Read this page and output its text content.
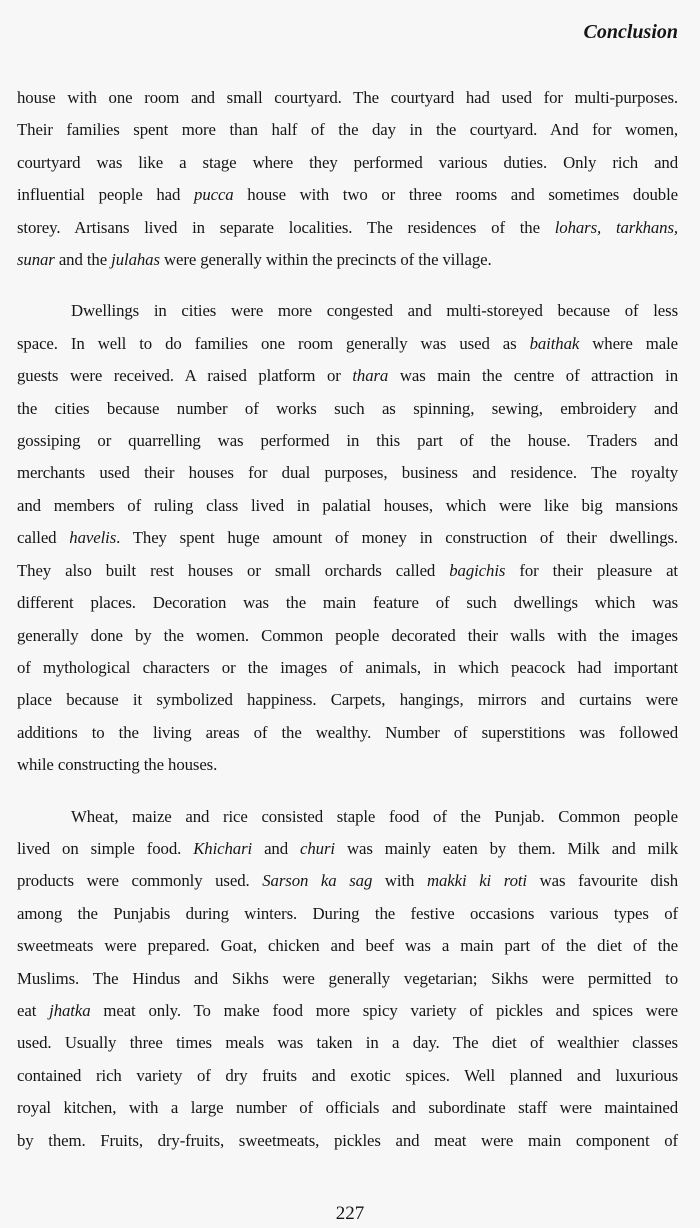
Conclusion
house with one room and small courtyard. The courtyard had used for multi-purposes.
Their families spent more than half of the day in the courtyard. And for women,
courtyard was like a stage where they performed various duties. Only rich and
influential people had pucca house with two or three rooms and sometimes double
storey. Artisans lived in separate localities. The residences of the lohars, tarkhans,
sunar and the julahas were generally within the precincts of the village.
Dwellings in cities were more congested and multi-storeyed because of less
space. In well to do families one room generally was used as baithak where male
guests were received. A raised platform or thara was main the centre of attraction in
the cities because number of works such as spinning, sewing, embroidery and
gossiping or quarrelling was performed in this part of the house. Traders and
merchants used their houses for dual purposes, business and residence. The royalty
and members of ruling class lived in palatial houses, which were like big mansions
called havelis. They spent huge amount of money in construction of their dwellings.
They also built rest houses or small orchards called bagichis for their pleasure at
different places. Decoration was the main feature of such dwellings which was
generally done by the women. Common people decorated their walls with the images
of mythological characters or the images of animals, in which peacock had important
place because it symbolized happiness. Carpets, hangings, mirrors and curtains were
additions to the living areas of the wealthy. Number of superstitions was followed
while constructing the houses.
Wheat, maize and rice consisted staple food of the Punjab. Common people
lived on simple food. Khichari and churi was mainly eaten by them. Milk and milk
products were commonly used. Sarson ka sag with makki ki roti was favourite dish
among the Punjabis during winters. During the festive occasions various types of
sweetmeats were prepared. Goat, chicken and beef was a main part of the diet of the
Muslims. The Hindus and Sikhs were generally vegetarian; Sikhs were permitted to
eat jhatka meat only. To make food more spicy variety of pickles and spices were
used. Usually three times meals was taken in a day. The diet of wealthier classes
contained rich variety of dry fruits and exotic spices. Well planned and luxurious
royal kitchen, with a large number of officials and subordinate staff were maintained
by them. Fruits, dry-fruits, sweetmeats, pickles and meat were main component of
227
